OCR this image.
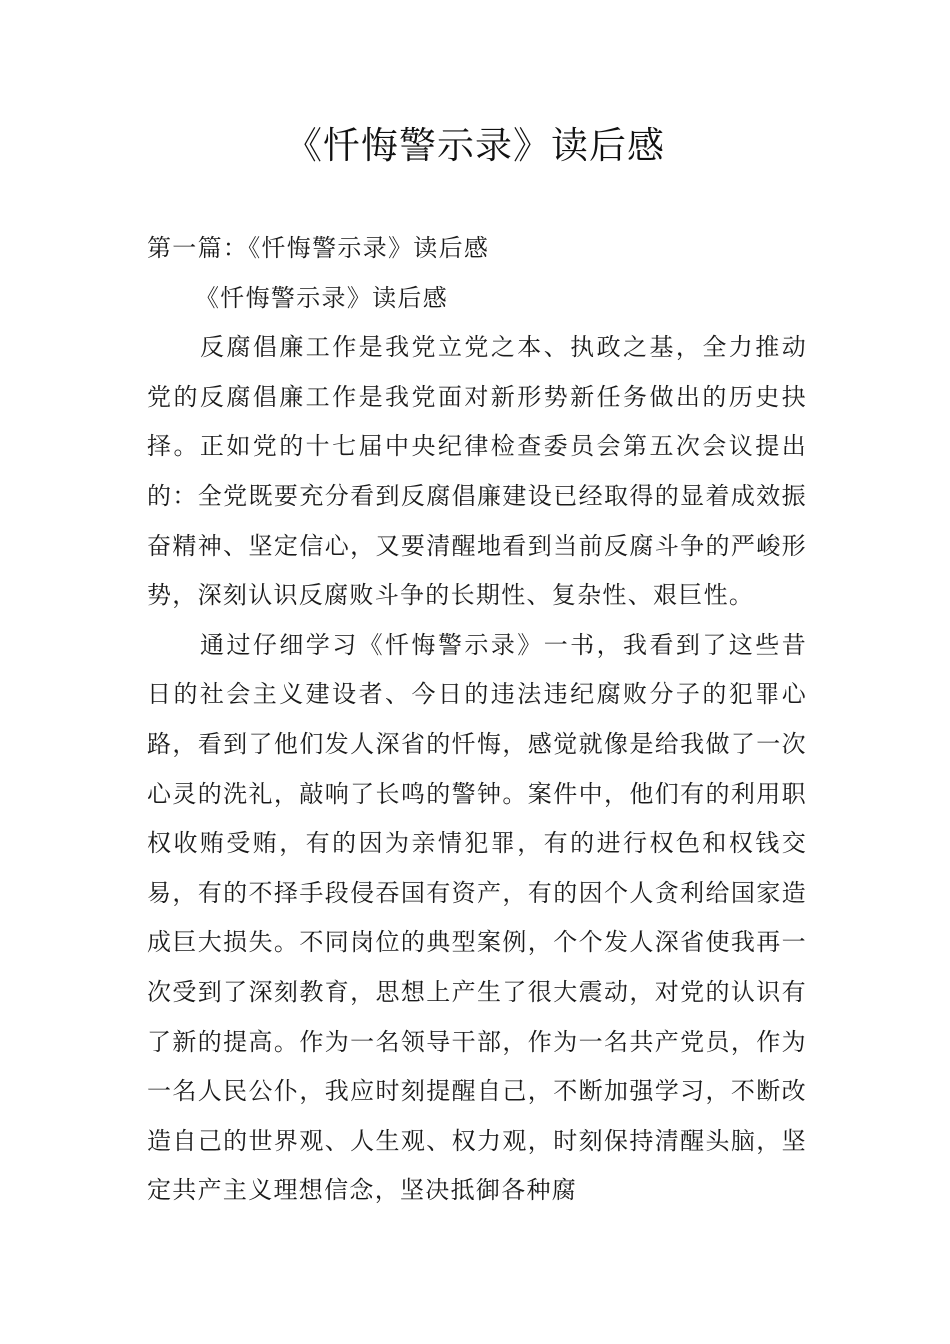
《忏悔警示录》读后感

第一篇：《忏悔警示录》读后感

《忏悔警示录》读后感

反腐倡廉工作是我党立党之本、执政之基，全力推动党的反腐倡廉工作是我党面对新形势新任务做出的历史抉择。正如党的十七届中央纪律检查委员会第五次会议提出的：全党既要充分看到反腐倡廉建设已经取得的显着成效振奋精神、坚定信心，又要清醒地看到当前反腐斗争的严峻形势，深刻认识反腐败斗争的长期性、复杂性、艰巨性。

通过仔细学习《忏悔警示录》一书，我看到了这些昔日的社会主义建设者、今日的违法违纪腐败分子的犯罪心路，看到了他们发人深省的忏悔，感觉就像是给我做了一次心灵的洗礼，敲响了长鸣的警钟。案件中，他们有的利用职权收贿受贿，有的因为亲情犯罪，有的进行权色和权钱交易，有的不择手段侵吞国有资产，有的因个人贪利给国家造成巨大损失。不同岗位的典型案例，个个发人深省使我再一次受到了深刻教育，思想上产生了很大震动，对党的认识有了新的提高。作为一名领导干部，作为一名共产党员，作为一名人民公仆，我应时刻提醒自己，不断加强学习，不断改造自己的世界观、人生观、权力观，时刻保持清醒头脑，坚定共产主义理想信念，坚决抵御各种腐
